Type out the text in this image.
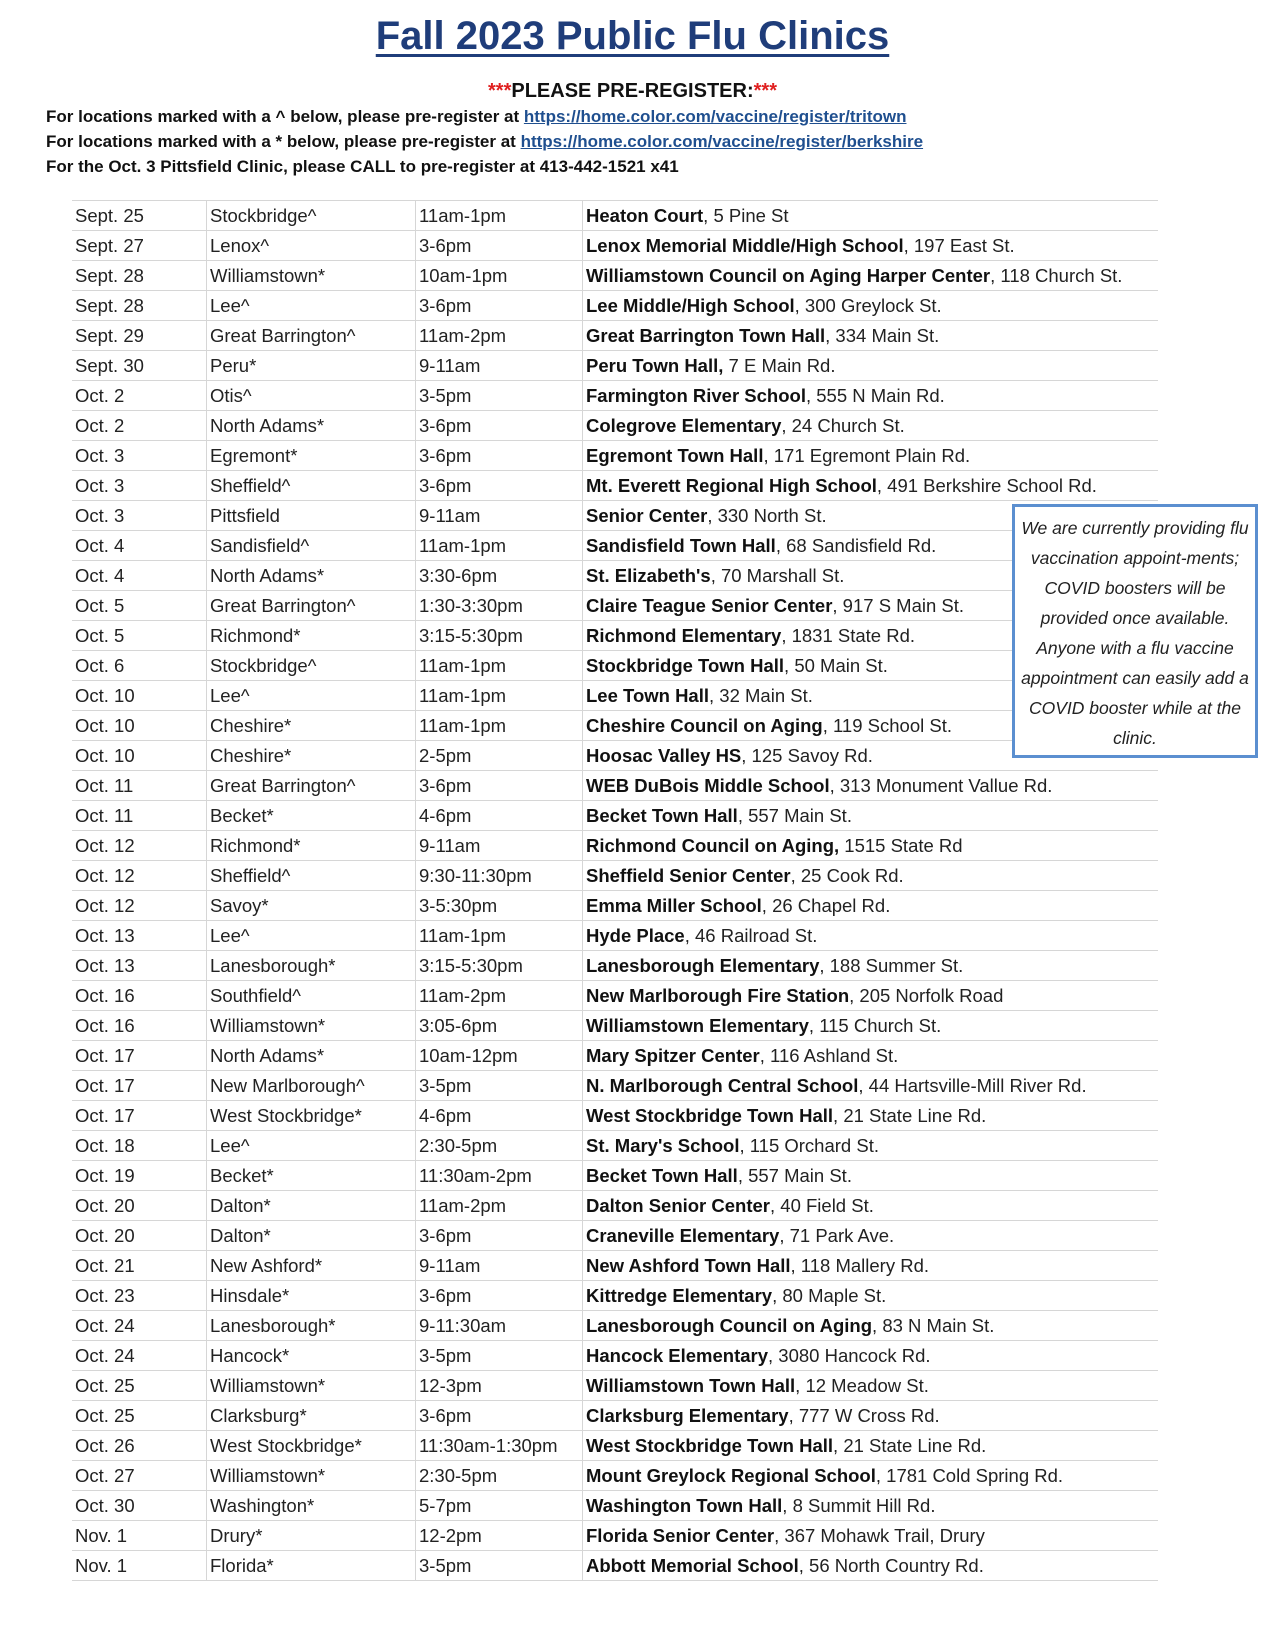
Fall 2023 Public Flu Clinics
***PLEASE PRE-REGISTER:***
For locations marked with a ^ below, please pre-register at https://home.color.com/vaccine/register/tritown
For locations marked with a * below, please pre-register at https://home.color.com/vaccine/register/berkshire
For the Oct. 3 Pittsfield Clinic, please CALL to pre-register at 413-442-1521 x41
Sept. 25	Stockbridge^	11am-1pm	Heaton Court, 5 Pine St
Sept. 27	Lenox^	3-6pm	Lenox Memorial Middle/High School, 197 East St.
Sept. 28	Williamstown*	10am-1pm	Williamstown Council on Aging Harper Center, 118 Church St.
Sept. 28	Lee^	3-6pm	Lee Middle/High School, 300 Greylock St.
Sept. 29	Great Barrington^	11am-2pm	Great Barrington Town Hall, 334 Main St.
Sept. 30	Peru*	9-11am	Peru Town Hall, 7 E Main Rd.
Oct. 2	Otis^	3-5pm	Farmington River School, 555 N Main Rd.
Oct. 2	North Adams*	3-6pm	Colegrove Elementary, 24 Church St.
Oct. 3	Egremont*	3-6pm	Egremont Town Hall, 171 Egremont Plain Rd.
Oct. 3	Sheffield^	3-6pm	Mt. Everett Regional High School, 491 Berkshire School Rd.
Oct. 3	Pittsfield	9-11am	Senior Center, 330 North St.
Oct. 4	Sandisfield^	11am-1pm	Sandisfield Town Hall, 68 Sandisfield Rd.
Oct. 4	North Adams*	3:30-6pm	St. Elizabeth's, 70 Marshall St.
Oct. 5	Great Barrington^	1:30-3:30pm	Claire Teague Senior Center, 917 S Main St.
Oct. 5	Richmond*	3:15-5:30pm	Richmond Elementary, 1831 State Rd.
Oct. 6	Stockbridge^	11am-1pm	Stockbridge Town Hall, 50 Main St.
Oct. 10	Lee^	11am-1pm	Lee Town Hall, 32 Main St.
Oct. 10	Cheshire*	11am-1pm	Cheshire Council on Aging, 119 School St.
Oct. 10	Cheshire*	2-5pm	Hoosac Valley HS, 125 Savoy Rd.
Oct. 11	Great Barrington^	3-6pm	WEB DuBois Middle School, 313 Monument Vallue Rd.
Oct. 11	Becket*	4-6pm	Becket Town Hall, 557 Main St.
Oct. 12	Richmond*	9-11am	Richmond Council on Aging, 1515 State Rd
Oct. 12	Sheffield^	9:30-11:30pm	Sheffield Senior Center, 25 Cook Rd.
Oct. 12	Savoy*	3-5:30pm	Emma Miller School, 26 Chapel Rd.
Oct. 13	Lee^	11am-1pm	Hyde Place, 46 Railroad St.
Oct. 13	Lanesborough*	3:15-5:30pm	Lanesborough Elementary, 188 Summer St.
Oct. 16	Southfield^	11am-2pm	New Marlborough Fire Station, 205 Norfolk Road
Oct. 16	Williamstown*	3:05-6pm	Williamstown Elementary, 115 Church St.
Oct. 17	North Adams*	10am-12pm	Mary Spitzer Center, 116 Ashland St.
Oct. 17	New Marlborough^	3-5pm	N. Marlborough Central School, 44 Hartsville-Mill River Rd.
Oct. 17	West Stockbridge*	4-6pm	West Stockbridge Town Hall, 21 State Line Rd.
Oct. 18	Lee^	2:30-5pm	St. Mary's School, 115 Orchard St.
Oct. 19	Becket*	11:30am-2pm	Becket Town Hall, 557 Main St.
Oct. 20	Dalton*	11am-2pm	Dalton Senior Center, 40 Field St.
Oct. 20	Dalton*	3-6pm	Craneville Elementary, 71 Park Ave.
Oct. 21	New Ashford*	9-11am	New Ashford Town Hall, 118 Mallery Rd.
Oct. 23	Hinsdale*	3-6pm	Kittredge Elementary, 80 Maple St.
Oct. 24	Lanesborough*	9-11:30am	Lanesborough Council on Aging, 83 N Main St.
Oct. 24	Hancock*	3-5pm	Hancock Elementary, 3080 Hancock Rd.
Oct. 25	Williamstown*	12-3pm	Williamstown Town Hall, 12 Meadow St.
Oct. 25	Clarksburg*	3-6pm	Clarksburg Elementary, 777 W Cross Rd.
Oct. 26	West Stockbridge*	11:30am-1:30pm	West Stockbridge Town Hall, 21 State Line Rd.
Oct. 27	Williamstown*	2:30-5pm	Mount Greylock Regional School, 1781 Cold Spring Rd.
Oct. 30	Washington*	5-7pm	Washington Town Hall, 8 Summit Hill Rd.
Nov. 1	Drury*	12-2pm	Florida Senior Center, 367 Mohawk Trail, Drury
Nov. 1	Florida*	3-5pm	Abbott Memorial School, 56 North Country Rd.
We are currently providing flu vaccination appoint-ments; COVID boosters will be provided once available. Anyone with a flu vaccine appointment can easily add a COVID booster while at the clinic.
